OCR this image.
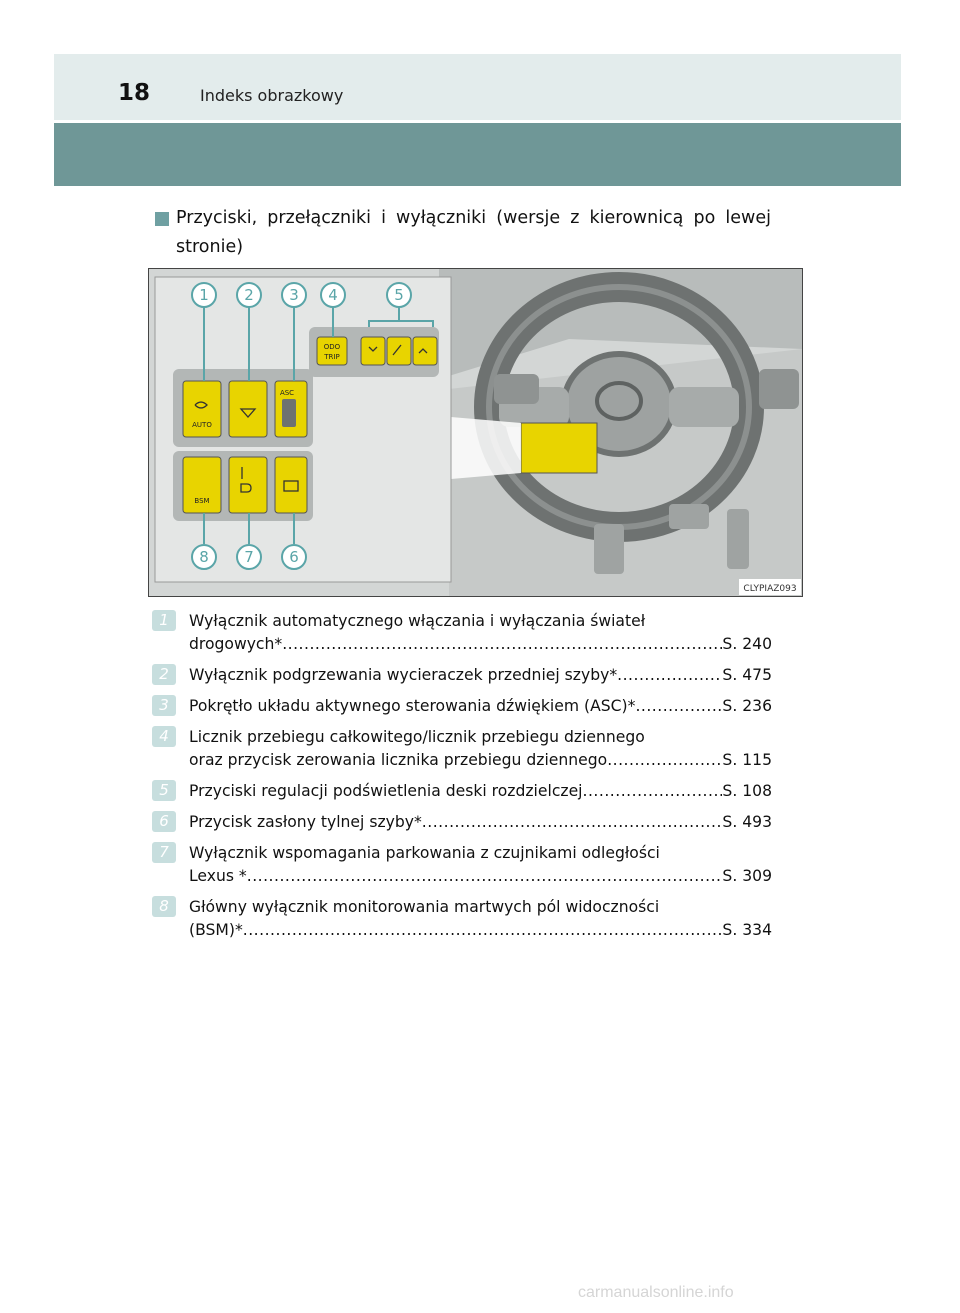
18	Indeks obrazkowy
Przyciski, przełączniki i wyłączniki (wersje z kierownicą po lewej stronie)
1 2 3 4	5
8 7 6
AUTO
ASC
ODO
TRIP
BSM
CLYPIAZ093
1	Wyłącznik automatycznego włączania i wyłączania świateł
drogowych* .....	S. 240
2	Wyłącznik podgrzewania wycieraczek przedniej szyby* .....	S. 475
3	Pokrętło układu aktywnego sterowania dźwiękiem (ASC)* .....	S. 236
4	Licznik przebiegu całkowitego/licznik przebiegu dziennego
oraz przycisk zerowania licznika przebiegu dziennego .....	S. 115
5	Przyciski regulacji podświetlenia deski rozdzielczej .....	S. 108
6	Przycisk zasłony tylnej szyby* .....	S. 493
7	Wyłącznik wspomagania parkowania z czujnikami odległości
Lexus * .....	S. 309
8	Główny wyłącznik monitorowania martwych pól widoczności
(BSM)* .....	S. 334
carmanualsonline.info
